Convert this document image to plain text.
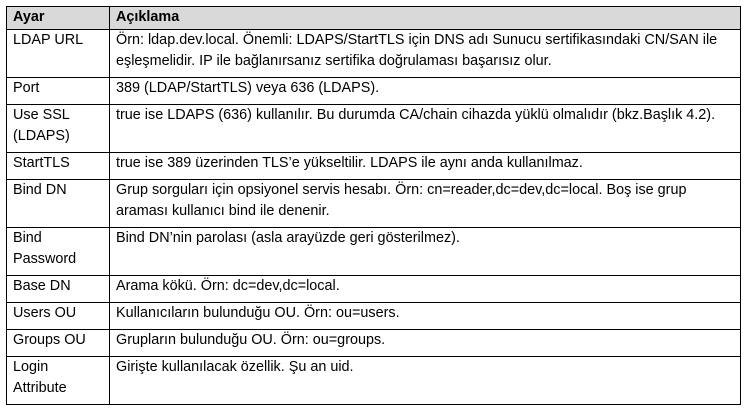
Ayar	Açıklama
LDAP URL	Örn: ldap.dev.local. Önemli: LDAPS/StartTLS için DNS adı Sunucu sertifikasındaki CN/SAN ile eşleşmelidir. IP ile bağlanırsanız sertifika doğrulaması başarısız olur.
Port	389 (LDAP/StartTLS) veya 636 (LDAPS).
Use SSL (LDAPS)	true ise LDAPS (636) kullanılır. Bu durumda CA/chain cihazda yüklü olmalıdır (bkz.Başlık 4.2).
StartTLS	true ise 389 üzerinden TLS’e yükseltilir. LDAPS ile aynı anda kullanılmaz.
Bind DN	Grup sorguları için opsiyonel servis hesabı. Örn: cn=reader,dc=dev,dc=local. Boş ise grup araması kullanıcı bind ile denenir.
Bind Password	Bind DN’nin parolası (asla arayüzde geri gösterilmez).
Base DN	Arama kökü. Örn: dc=dev,dc=local.
Users OU	Kullanıcıların bulunduğu OU. Örn: ou=users.
Groups OU	Grupların bulunduğu OU. Örn: ou=groups.
Login Attribute	Girişte kullanılacak özellik. Şu an uid.
